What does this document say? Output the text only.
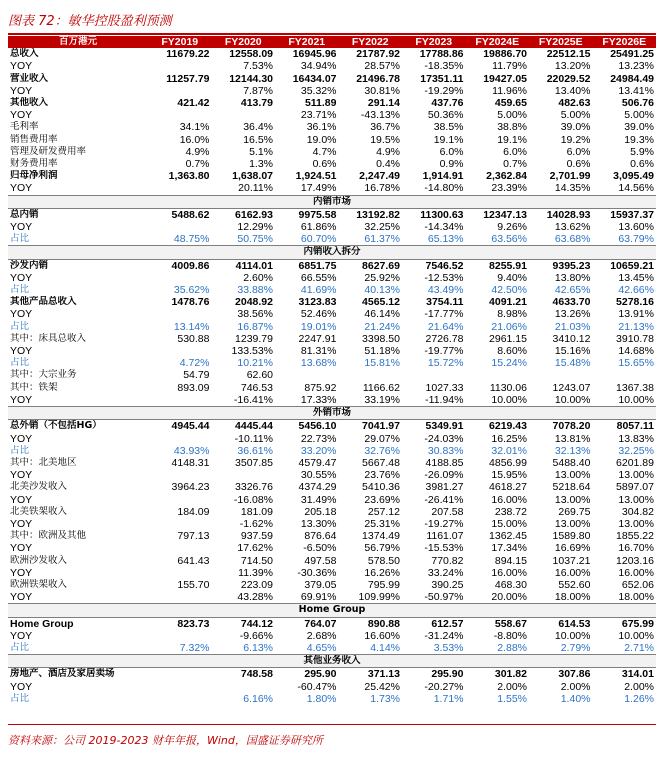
图表 72：敏华控股盈利预测
百万港元	FY2019	FY2020	FY2021	FY2022	FY2023	FY2024E	FY2025E	FY2026E
总收入	11679.22	12558.09	16945.96	21787.92	17788.86	19886.70	22512.15	25491.25
YOY		7.53%	34.94%	28.57%	-18.35%	11.79%	13.20%	13.23%
营业收入	11257.79	12144.30	16434.07	21496.78	17351.11	19427.05	22029.52	24984.49
YOY		7.87%	35.32%	30.81%	-19.29%	11.96%	13.40%	13.41%
其他收入	421.42	413.79	511.89	291.14	437.76	459.65	482.63	506.76
YOY			23.71%	-43.13%	50.36%	5.00%	5.00%	5.00%
毛利率	34.1%	36.4%	36.1%	36.7%	38.5%	38.8%	39.0%	39.0%
销售费用率	16.0%	16.5%	19.0%	19.5%	19.1%	19.1%	19.2%	19.3%
管理及研发费用率	4.9%	5.1%	4.7%	4.9%	6.0%	6.0%	6.0%	5.9%
财务费用率	0.7%	1.3%	0.6%	0.4%	0.9%	0.7%	0.6%	0.6%
归母净利润	1,363.80	1,638.07	1,924.51	2,247.49	1,914.91	2,362.84	2,701.99	3,095.49
YOY		20.11%	17.49%	16.78%	-14.80%	23.39%	14.35%	14.56%
内销市场								
总内销	5488.62	6162.93	9975.58	13192.82	11300.63	12347.13	14028.93	15937.37
YOY		12.29%	61.86%	32.25%	-14.34%	9.26%	13.62%	13.60%
占比	48.75%	50.75%	60.70%	61.37%	65.13%	63.56%	63.68%	63.79%
内销收入拆分								
沙发内销	4009.86	4114.01	6851.75	8627.69	7546.52	8255.91	9395.23	10659.21
YOY		2.60%	66.55%	25.92%	-12.53%	9.40%	13.80%	13.45%
占比	35.62%	33.88%	41.69%	40.13%	43.49%	42.50%	42.65%	42.66%
其他产品总收入	1478.76	2048.92	3123.83	4565.12	3754.11	4091.21	4633.70	5278.16
YOY		38.56%	52.46%	46.14%	-17.77%	8.98%	13.26%	13.91%
占比	13.14%	16.87%	19.01%	21.24%	21.64%	21.06%	21.03%	21.13%
其中：床具总收入	530.88	1239.79	2247.91	3398.50	2726.78	2961.15	3410.12	3910.78
YOY		133.53%	81.31%	51.18%	-19.77%	8.60%	15.16%	14.68%
占比	4.72%	10.21%	13.68%	15.81%	15.72%	15.24%	15.48%	15.65%
其中：大宗业务	54.79	62.60						
其中：铁架	893.09	746.53	875.92	1166.62	1027.33	1130.06	1243.07	1367.38
YOY		-16.41%	17.33%	33.19%	-11.94%	10.00%	10.00%	10.00%
外销市场								
总外销（不包括HG）	4945.44	4445.44	5456.10	7041.97	5349.91	6219.43	7078.20	8057.11
YOY		-10.11%	22.73%	29.07%	-24.03%	16.25%	13.81%	13.83%
占比	43.93%	36.61%	33.20%	32.76%	30.83%	32.01%	32.13%	32.25%
其中：北美地区	4148.31	3507.85	4579.47	5667.48	4188.85	4856.99	5488.40	6201.89
YOY			30.55%	23.76%	-26.09%	15.95%	13.00%	13.00%
北美沙发收入	3964.23	3326.76	4374.29	5410.36	3981.27	4618.27	5218.64	5897.07
YOY		-16.08%	31.49%	23.69%	-26.41%	16.00%	13.00%	13.00%
北美铁架收入	184.09	181.09	205.18	257.12	207.58	238.72	269.75	304.82
YOY		-1.62%	13.30%	25.31%	-19.27%	15.00%	13.00%	13.00%
其中：欧洲及其他	797.13	937.59	876.64	1374.49	1161.07	1362.45	1589.80	1855.22
YOY		17.62%	-6.50%	56.79%	-15.53%	17.34%	16.69%	16.70%
欧洲沙发收入	641.43	714.50	497.58	578.50	770.82	894.15	1037.21	1203.16
YOY		11.39%	-30.36%	16.26%	33.24%	16.00%	16.00%	16.00%
欧洲铁架收入	155.70	223.09	379.05	795.99	390.25	468.30	552.60	652.06
YOY		43.28%	69.91%	109.99%	-50.97%	20.00%	18.00%	18.00%
Home Group								
Home Group	823.73	744.12	764.07	890.88	612.57	558.67	614.53	675.99
YOY		-9.66%	2.68%	16.60%	-31.24%	-8.80%	10.00%	10.00%
占比	7.32%	6.13%	4.65%	4.14%	3.53%	2.88%	2.79%	2.71%
其他业务收入								
房地产、酒店及家居卖场		748.58	295.90	371.13	295.90	301.82	307.86	314.01
YOY			-60.47%	25.42%	-20.27%	2.00%	2.00%	2.00%
占比		6.16%	1.80%	1.73%	1.71%	1.55%	1.40%	1.26%
资料来源：公司 2019-2023 财年年报，Wind，国盛证券研究所
